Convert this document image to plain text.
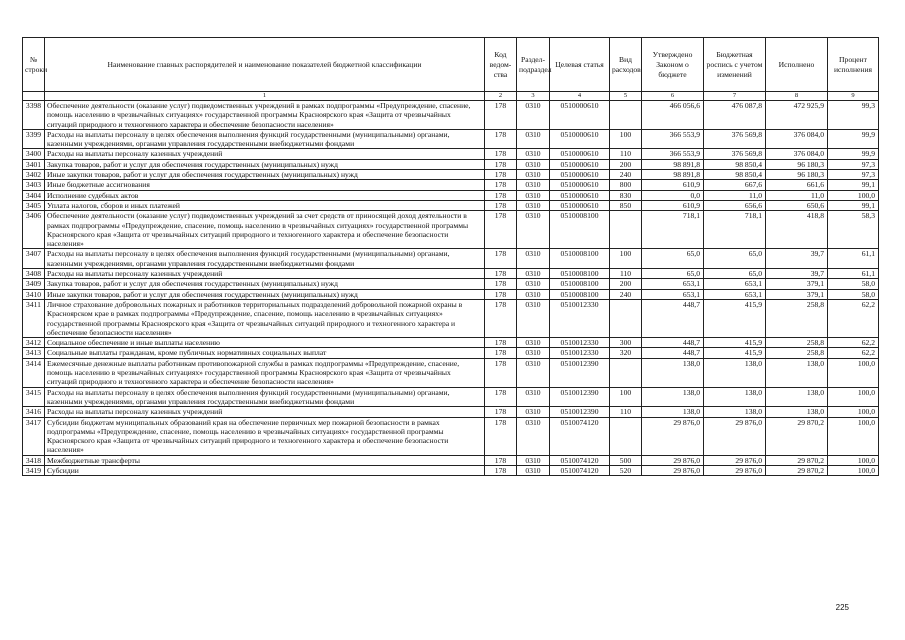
№ строки	Наименование главных распорядителей и наименование показателей бюджетной классификации	Код ведом-ства	Раздел-подраздел	Целевая статья	Вид расходов	Утверждено Законом о бюджете	Бюджетная роспись с учетом изменений	Исполнено	Процент исполнения
	1	2	3	4	5	6	7	8	9
3398	Обеспечение деятельности (оказание услуг) подведомственных учреждений в рамках подпрограммы «Предупреждение, спасение, помощь населению в чрезвычайных ситуациях» государственной программы Красноярского края «Защита от чрезвычайных ситуаций природного и техногенного характера и обеспечение безопасности населения»	178	0310	0510000610		466 056,6	476 087,8	472 925,9	99,3
3399	Расходы на выплаты персоналу в целях обеспечения выполнения функций государственными (муниципальными) органами, казенными учреждениями, органами управления государственными внебюджетными фондами	178	0310	0510000610	100	366 553,9	376 569,8	376 084,0	99,9
3400	Расходы на выплаты персоналу казенных учреждений	178	0310	0510000610	110	366 553,9	376 569,8	376 084,0	99,9
3401	Закупка товаров, работ и услуг для обеспечения государственных (муниципальных) нужд	178	0310	0510000610	200	98 891,8	98 850,4	96 180,3	97,3
3402	Иные закупки товаров, работ и услуг для обеспечения государственных (муниципальных) нужд	178	0310	0510000610	240	98 891,8	98 850,4	96 180,3	97,3
3403	Иные бюджетные ассигнования	178	0310	0510000610	800	610,9	667,6	661,6	99,1
3404	Исполнение судебных актов	178	0310	0510000610	830	0,0	11,0	11,0	100,0
3405	Уплата налогов, сборов и иных платежей	178	0310	0510000610	850	610,9	656,6	650,6	99,1
3406	Обеспечение деятельности (оказание услуг) подведомственных учреждений за счет средств от приносящей доход деятельности в рамках подпрограммы «Предупреждение, спасение, помощь населению в чрезвычайных ситуациях» государственной программы Красноярского края «Защита от чрезвычайных ситуаций природного и техногенного характера и обеспечение безопасности населения»	178	0310	0510008100		718,1	718,1	418,8	58,3
3407	Расходы на выплаты персоналу в целях обеспечения выполнения функций государственными (муниципальными) органами, казенными учреждениями, органами управления государственными внебюджетными фондами	178	0310	0510008100	100	65,0	65,0	39,7	61,1
3408	Расходы на выплаты персоналу казенных учреждений	178	0310	0510008100	110	65,0	65,0	39,7	61,1
3409	Закупка товаров, работ и услуг для обеспечения государственных (муниципальных) нужд	178	0310	0510008100	200	653,1	653,1	379,1	58,0
3410	Иные закупки товаров, работ и услуг для обеспечения государственных (муниципальных) нужд	178	0310	0510008100	240	653,1	653,1	379,1	58,0
3411	Личное страхование добровольных пожарных и работников территориальных подразделений добровольной пожарной охраны в Красноярском крае в рамках подпрограммы «Предупреждение, спасение, помощь населению в чрезвычайных ситуациях» государственной программы Красноярского края «Защита от чрезвычайных ситуаций природного и техногенного характера и обеспечение безопасности населения»	178	0310	0510012330		448,7	415,9	258,8	62,2
3412	Социальное обеспечение и иные выплаты населению	178	0310	0510012330	300	448,7	415,9	258,8	62,2
3413	Социальные выплаты гражданам, кроме публичных нормативных социальных выплат	178	0310	0510012330	320	448,7	415,9	258,8	62,2
3414	Ежемесячные денежные выплаты работникам противопожарной службы в рамках подпрограммы «Предупреждение, спасение, помощь населению в чрезвычайных ситуациях» государственной программы Красноярского края «Защита от чрезвычайных ситуаций природного и техногенного характера и обеспечение безопасности населения»	178	0310	0510012390		138,0	138,0	138,0	100,0
3415	Расходы на выплаты персоналу в целях обеспечения выполнения функций государственными (муниципальными) органами, казенными учреждениями, органами управления государственными внебюджетными фондами	178	0310	0510012390	100	138,0	138,0	138,0	100,0
3416	Расходы на выплаты персоналу казенных учреждений	178	0310	0510012390	110	138,0	138,0	138,0	100,0
3417	Субсидии бюджетам муниципальных образований края на обеспечение первичных мер пожарной безопасности в рамках подпрограммы «Предупреждение, спасение, помощь населению в чрезвычайных ситуациях» государственной программы Красноярского края «Защита от чрезвычайных ситуаций природного и техногенного характера и обеспечение безопасности населения»	178	0310	0510074120		29 876,0	29 876,0	29 870,2	100,0
3418	Межбюджетные трансферты	178	0310	0510074120	500	29 876,0	29 876,0	29 870,2	100,0
3419	Субсидии	178	0310	0510074120	520	29 876,0	29 876,0	29 870,2	100,0
225
